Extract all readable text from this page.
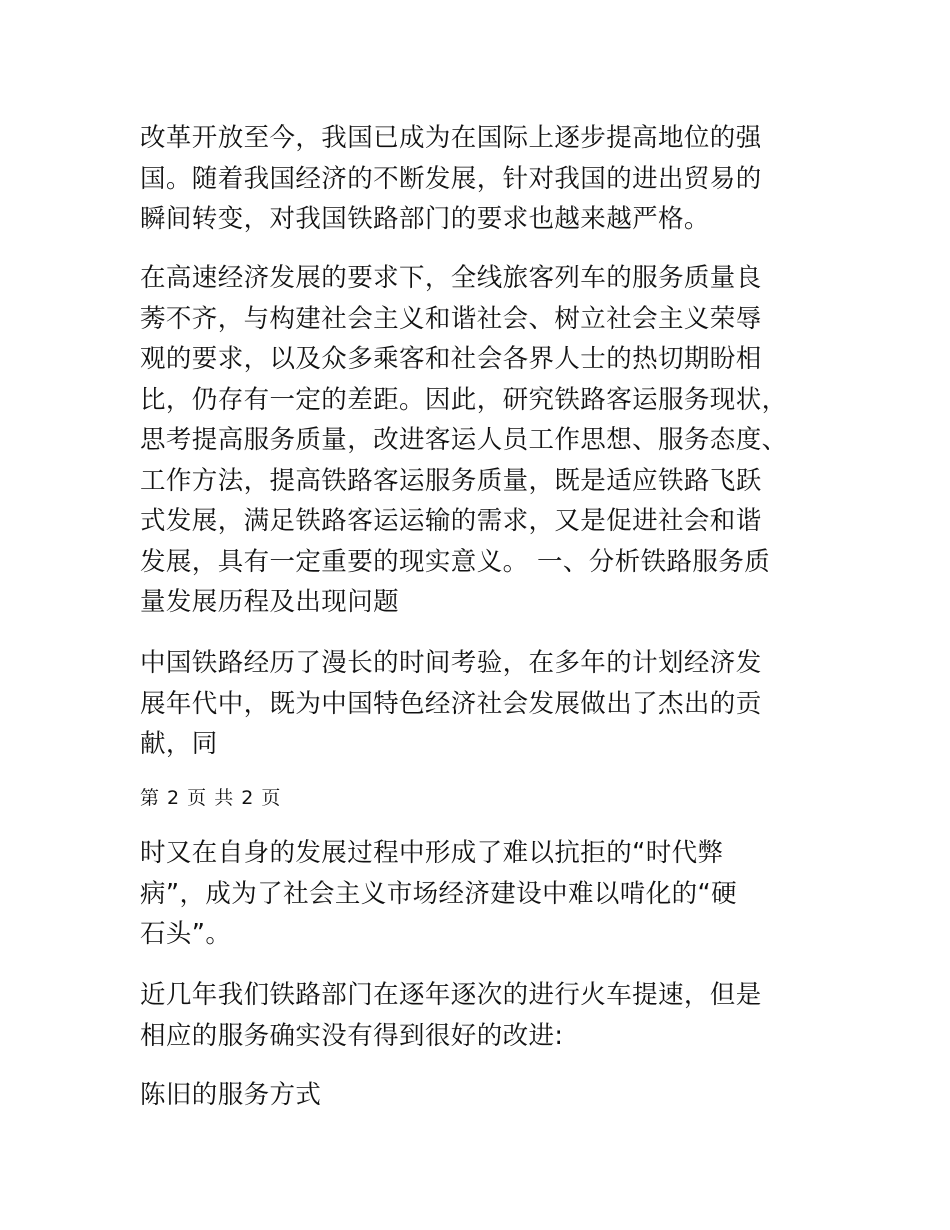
改革开放至今，我国已成为在国际上逐步提高地位的强
国。随着我国经济的不断发展，针对我国的进出贸易的
瞬间转变，对我国铁路部门的要求也越来越严格。

在高速经济发展的要求下，全线旅客列车的服务质量良
莠不齐，与构建社会主义和谐社会、树立社会主义荣辱
观的要求，以及众多乘客和社会各界人士的热切期盼相
比，仍存有一定的差距。因此，研究铁路客运服务现状，
思考提高服务质量，改进客运人员工作思想、服务态度、
工作方法，提高铁路客运服务质量，既是适应铁路飞跃
式发展，满足铁路客运运输的需求，又是促进社会和谐
发展，具有一定重要的现实意义。 一、分析铁路服务质
量发展历程及出现问题

中国铁路经历了漫长的时间考验，在多年的计划经济发
展年代中，既为中国特色经济社会发展做出了杰出的贡
献，同

第 2 页 共 2 页

时又在自身的发展过程中形成了难以抗拒的“时代弊
病”，成为了社会主义市场经济建设中难以啃化的“硬
石头”。

近几年我们铁路部门在逐年逐次的进行火车提速，但是
相应的服务确实没有得到很好的改进:

陈旧的服务方式
